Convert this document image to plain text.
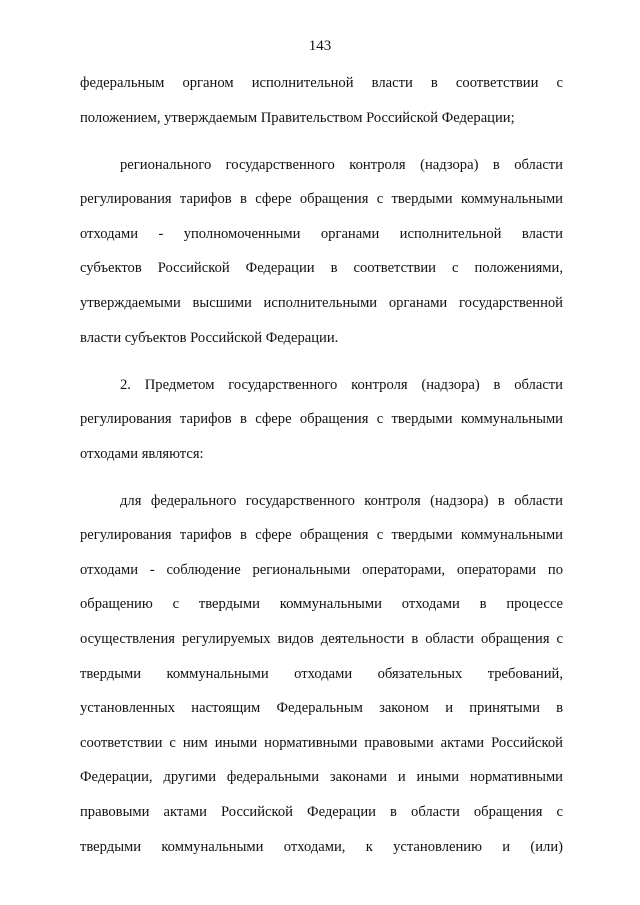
143
федеральным органом исполнительной власти в соответствии с
положением, утверждаемым Правительством Российской Федерации;
регионального государственного контроля (надзора) в области
регулирования тарифов в сфере обращения с твердыми коммунальными
отходами - уполномоченными органами исполнительной власти
субъектов Российской Федерации в соответствии с положениями,
утверждаемыми высшими исполнительными органами государственной
власти субъектов Российской Федерации.
2. Предметом государственного контроля (надзора) в области
регулирования тарифов в сфере обращения с твердыми коммунальными
отходами являются:
для федерального государственного контроля (надзора) в области
регулирования тарифов в сфере обращения с твердыми коммунальными
отходами - соблюдение региональными операторами, операторами по
обращению с твердыми коммунальными отходами в процессе
осуществления регулируемых видов деятельности в области обращения с
твердыми коммунальными отходами обязательных требований,
установленных настоящим Федеральным законом и принятыми в
соответствии с ним иными нормативными правовыми актами Российской
Федерации, другими федеральными законами и иными нормативными
правовыми актами Российской Федерации в области обращения с
твердыми коммунальными отходами, к установлению и (или)
